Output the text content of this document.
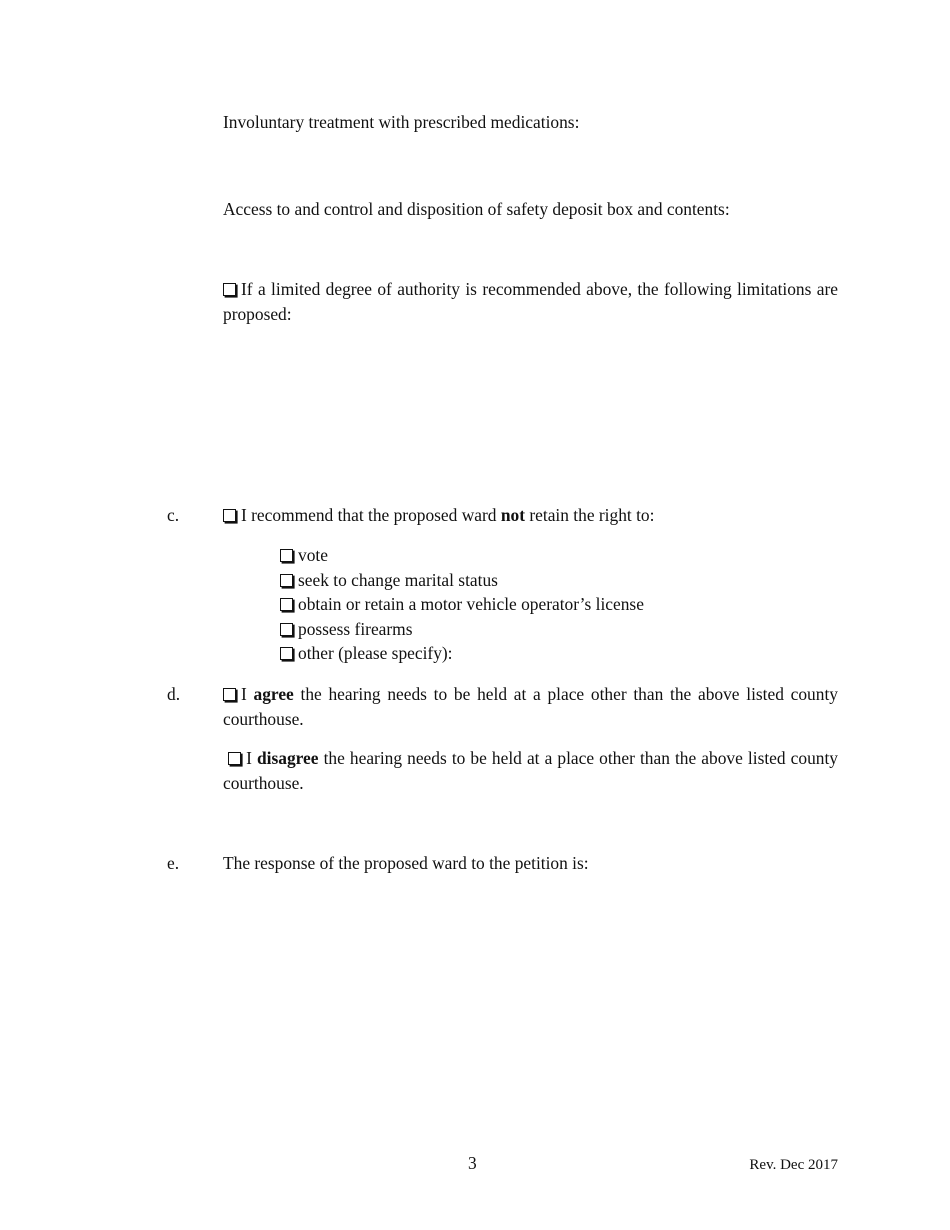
Involuntary treatment with prescribed medications:
Access to and control and disposition of safety deposit box and contents:
If a limited degree of authority is recommended above, the following limitations are proposed:
c.	I recommend that the proposed ward not retain the right to:
vote
seek to change marital status
obtain or retain a motor vehicle operator’s license
possess firearms
other (please specify):
d.	I agree the hearing needs to be held at a place other than the above listed county courthouse.
I disagree the hearing needs to be held at a place other than the above listed county courthouse.
e.	The response of the proposed ward to the petition is:
3	Rev. Dec 2017
